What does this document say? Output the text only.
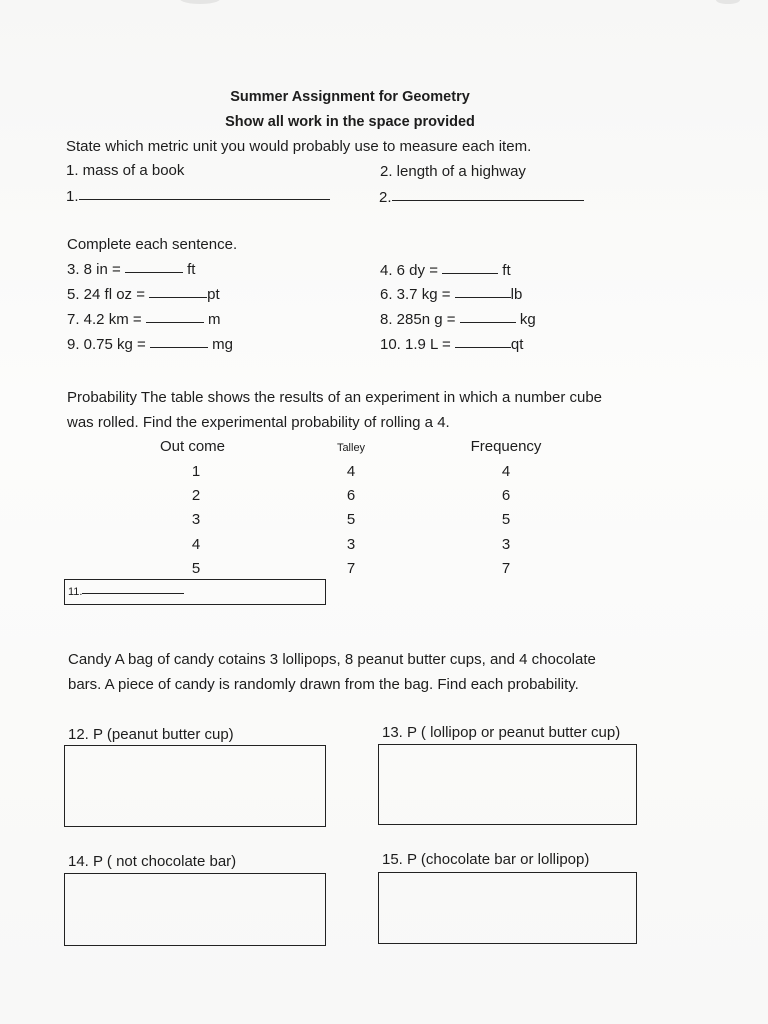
Summer Assignment for Geometry
Show all work in the space provided
State which metric unit you would probably use to measure each item.
1. mass of a book	2. length of a highway
1.	2.
Complete each sentence.
3. 8 in =	ft	4. 6 dy =	ft
5. 24 fl oz =	pt	6. 3.7 kg =	lb
7. 4.2 km =	m	8. 285n g =	kg
9. 0.75 kg =	mg	10. 1.9 L =	qt
Probability The table shows the results of an experiment in which a number cube
was rolled. Find the experimental probability of rolling a 4.
Out come	Talley	Frequency
1	4	4
2	6	6
3	5	5
4	3	3
5	7	7
11.
Candy A bag of candy cotains 3 lollipops, 8 peanut butter cups, and 4 chocolate
bars. A piece of candy is randomly drawn from the bag. Find each probability.
12. P (peanut butter cup)	13. P ( lollipop or peanut butter cup)
14. P ( not chocolate bar)	15. P (chocolate bar or lollipop)
